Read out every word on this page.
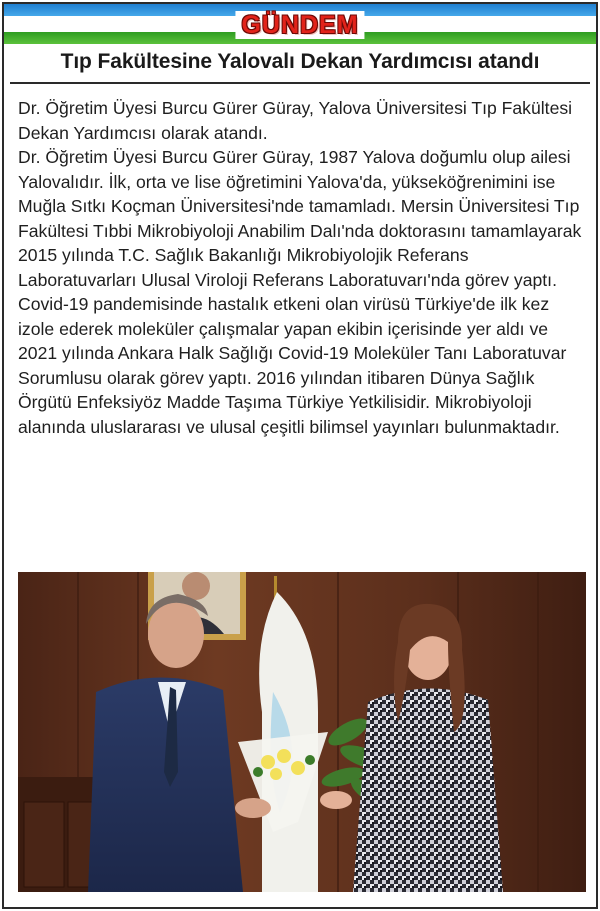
GÜNDEM
Tıp Fakültesine Yalovalı Dekan Yardımcısı atandı

Dr. Öğretim Üyesi Burcu Gürer Güray, Yalova Üniversitesi Tıp Fakültesi Dekan Yardımcısı olarak atandı.

Dr. Öğretim Üyesi Burcu Gürer Güray, 1987 Yalova doğumlu olup ailesi Yalovalıdır. İlk, orta ve lise öğretimini Yalova'da, yükseköğrenimini ise Muğla Sıtkı Koçman Üniversitesi'nde tamamladı. Mersin Üniversitesi Tıp Fakültesi Tıbbi Mikrobiyoloji Anabilim Dalı'nda doktorasını tamamlayarak 2015 yılında T.C. Sağlık Bakanlığı Mikrobiyolojik Referans Laboratuvarları Ulusal Viroloji Referans Laboratuvarı'nda görev yaptı. Covid-19 pandemisinde hastalık etkeni olan virüsü Türkiye'de ilk kez izole ederek moleküler çalışmalar yapan ekibin içerisinde yer aldı ve 2021 yılında Ankara Halk Sağlığı Covid-19 Moleküler Tanı Laboratuvar Sorumlusu olarak görev yaptı. 2016 yılından itibaren Dünya Sağlık Örgütü Enfeksiyöz Madde Taşıma Türkiye Yetkilisidir. Mikrobiyoloji alanında uluslararası ve ulusal çeşitli bilimsel yayınları bulunmaktadır.
